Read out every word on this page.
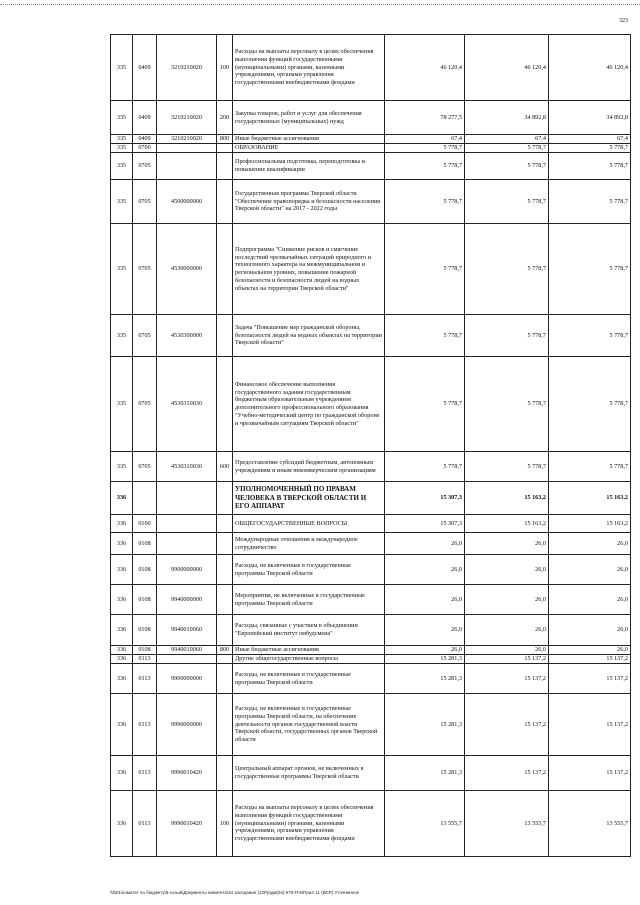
323
335	0409	3210210020	100	Расходы на выплаты персоналу в целях обеспечения выполнения функций государственными (муниципальными) органами, казенными учреждениями, органами управления государственными внебюджетными фондами	46 120,4	46 120,4	46 120,4
335	0409	3210210020	200	Закупка товаров, работ и услуг для обеспечения государственных (муниципальных) нужд	78 277,5	34 892,8	34 892,8
335	0409	3210210020	800	Иные бюджетные ассигнования	67,4	67,4	67,4
335	0700			ОБРАЗОВАНИЕ	5 778,7	5 778,7	5 778,7
335	0705			Профессиональная подготовка, переподготовка и повышение квалификации	5 778,7	5 778,7	5 778,7
335	0705	4500000000		Государственная программа Тверской области "Обеспечение правопорядка и безопасности населения Тверской области" на 2017 - 2022 годы	5 778,7	5 778,7	5 778,7
335	0705	4530000000		Подпрограмма "Снижение рисков и смягчение последствий чрезвычайных ситуаций природного и техногенного характера на межмуниципальном и региональном уровнях, повышение пожарной безопасности и безопасности людей на водных объектах на территории Тверской области"	5 778,7	5 778,7	5 778,7
335	0705	4530300000		Задача "Повышение мер гражданской обороны, безопасности людей на водных объектах на территории Тверской области"	5 778,7	5 778,7	5 778,7
335	0705	4530310030		Финансовое обеспечение выполнения государственного задания государственным бюджетным образовательным учреждением дополнительного профессионального образования "Учебно-методический центр по гражданской обороне и чрезвычайным ситуациям Тверской области"	5 778,7	5 778,7	5 778,7
335	0705	4530310030	600	Предоставление субсидий бюджетным, автономным учреждениям и иным некоммерческим организациям	5 778,7	5 778,7	5 778,7
336				УПОЛНОМОЧЕННЫЙ ПО ПРАВАМ ЧЕЛОВЕКА В ТВЕРСКОЙ ОБЛАСТИ И ЕГО АППАРАТ	15 307,3	15 163,2	15 163,2
336	0100			ОБЩЕГОСУДАРСТВЕННЫЕ ВОПРОСЫ	15 307,3	15 163,2	15 163,2
336	0108			Международные отношения и международное сотрудничество	26,0	26,0	26,0
336	0108	9900000000		Расходы, не включенные в государственные программы Тверской области	26,0	26,0	26,0
336	0108	9940000000		Мероприятия, не включенные в государственные программы Тверской области	26,0	26,0	26,0
336	0108	9940010060		Расходы, связанные с участием в объединении "Европейский институт омбудсмена"	26,0	26,0	26,0
336	0108	9940010060	800	Иные бюджетные ассигнования	26,0	26,0	26,0
336	0113			Другие общегосударственные вопросы	15 281,3	15 137,2	15 137,2
336	0113	9900000000		Расходы, не включенные в государственные программы Тверской области	15 281,3	15 137,2	15 137,2
336	0113	9990000000		Расходы, не включенные в государственные программы Тверской области, на обеспечение деятельности органов государственной власти Тверской области, государственных органов Тверской области	15 281,3	15 137,2	15 137,2
336	0113	9990010420		Центральный аппарат органов, не включенных в государственные программы Тверской области	15 281,3	15 137,2	15 137,2
336	0113	9990010420	100	Расходы на выплаты персоналу в целях обеспечения выполнения функций государственными (муниципальными) органами, казенными учреждениями, органами управления государственными внебюджетными фондами	13 555,7	13 555,7	13 555,7
\\fs01\комитет по бюджету\5-созыв\Документы комитета\34 заседание (12Рр\дм(04) 675-П-6\Прил 11 (ВСР) Уточненное
